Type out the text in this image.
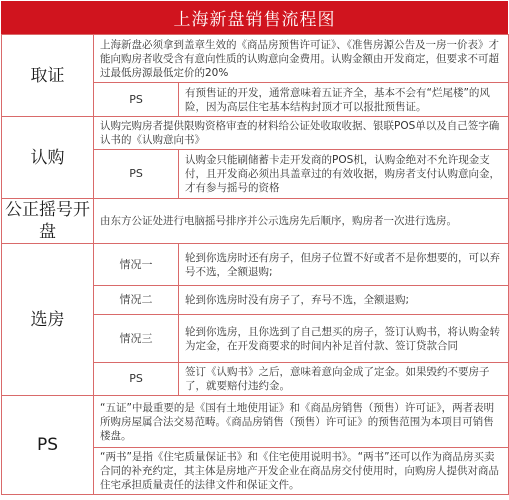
上海新盘销售流程图
取证	上海新盘必须拿到盖章生效的《商品房预售许可证》、《准售房源公告及一房一价表》才能向购房者收受含有意向性质的认购意向金费用。认购金额由开发商定，但要求不可超过最低房源最低定价的20%	
	PS	有预售证的开发，通常意味着五证齐全，基本不会有“烂尾楼”的风险，因为高层住宅基本结构封顶才可以报批预售证。
认购	认购完购房者提供限购资格审查的材料给公证处收取收据、银联POS单以及自己签字确认书的《认购意向书》	
	PS	认购金只能刷储蓄卡走开发商的POS机，认购金绝对不允许现金支付，且开发商必须出具盖章过的有效收据，购房者支付认购意向金，才有参与摇号的资格
公正摇号开盘	由东方公证处进行电脑摇号排序并公示选房先后顺序，购房者一次进行选房。	
选房	情况一	轮到你选房时还有房子，但房子位置不好或者不是你想要的，可以弃号不选，全额退购;
	情况二	轮到你选房时没有房子了，弃号不选，全额退购;
	情况三	轮到你选房，且你选到了自己想买的房子，签订认购书，将认购金转为定金，在开发商要求的时间内补足首付款、签订贷款合同
	PS	签订《认购书》之后，意味着意向金成了定金。如果毁约不要房子了，就要赔付违约金。
PS	“五证”中最重要的是《国有土地使用证》和《商品房销售（预售）许可证》，两者表明所购房屋属合法交易范畴。《商品房销售（预售）许可证》的预售范围为本项目可销售楼盘。	
	“两书”是指《住宅质量保证书》和《住宅使用说明书》。“两书”还可以作为商品房买卖合同的补充约定，其主体是房地产开发企业在商品房交付使用时，向购房人提供对商品住宅承担质量责任的法律文件和保证文件。	
